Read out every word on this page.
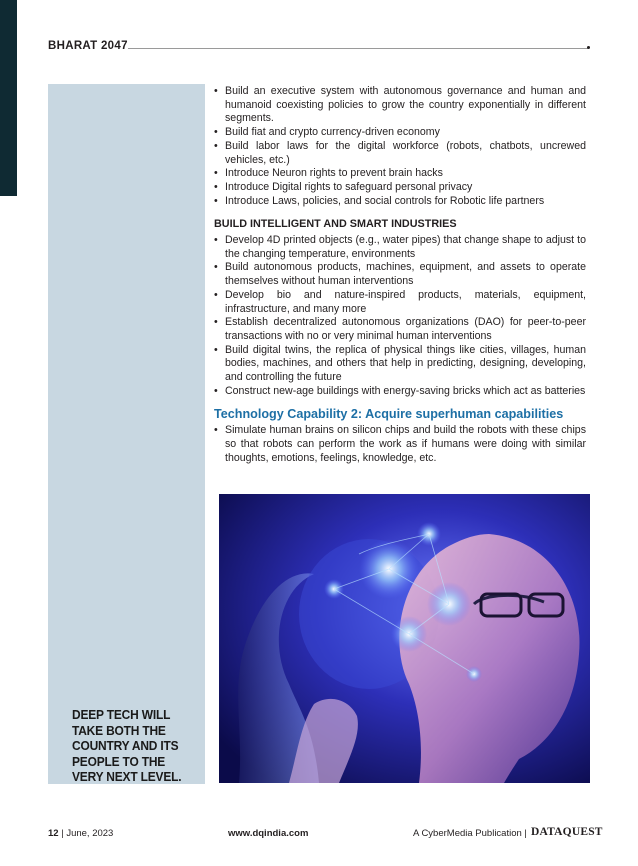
BHARAT 2047
DEEP TECH WILL TAKE BOTH THE COUNTRY AND ITS PEOPLE TO THE VERY NEXT LEVEL.
• Build an executive system with autonomous governance and human and humanoid coexisting policies to grow the country exponentially in different segments.
• Build fiat and crypto currency-driven economy
• Build labor laws for the digital workforce (robots, chatbots, uncrewed vehicles, etc.)
• Introduce Neuron rights to prevent brain hacks
• Introduce Digital rights to safeguard personal privacy
• Introduce Laws, policies, and social controls for Robotic life partners
BUILD INTELLIGENT AND SMART INDUSTRIES
• Develop 4D printed objects (e.g., water pipes) that change shape to adjust to the changing temperature, environments
• Build autonomous products, machines, equipment, and assets to operate themselves without human interventions
• Develop bio and nature-inspired products, materials, equipment, infrastructure, and many more
• Establish decentralized autonomous organizations (DAO) for peer-to-peer transactions with no or very minimal human interventions
• Build digital twins, the replica of physical things like cities, villages, human bodies, machines, and others that help in predicting, designing, developing, and controlling the future
• Construct new-age buildings with energy-saving bricks which act as batteries
Technology Capability 2: Acquire superhuman capabilities
• Simulate human brains on silicon chips and build the robots with these chips so that robots can perform the work as if humans were doing with similar thoughts, emotions, feelings, knowledge, etc.
12 | June, 2023	www.dqindia.com	A CyberMedia Publication | DATAQUEST
